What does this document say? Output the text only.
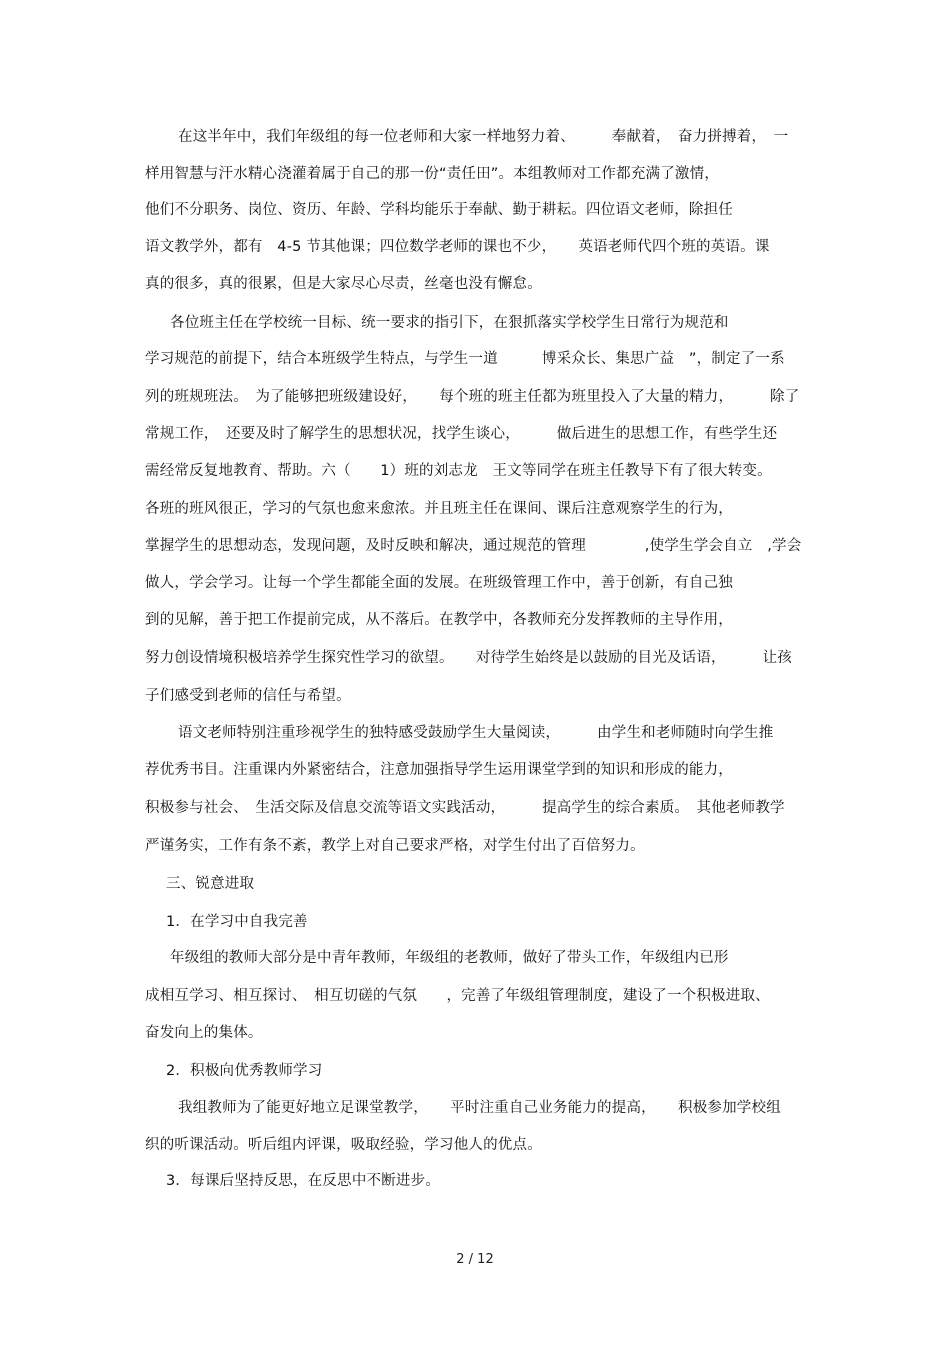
在这半年中，我们年级组的每一位老师和大家一样地努力着、　　　奉献着，　奋力拼搏着，　一
样用智慧与汗水精心浇灌着属于自己的那一份“责任田”。本组教师对工作都充满了激情，
他们不分职务、岗位、资历、年龄、学科均能乐于奉献、勤于耕耘。四位语文老师，除担任
语文教学外，都有　4-5 节其他课；四位数学老师的课也不少，　　英语老师代四个班的英语。课
真的很多，真的很累，但是大家尽心尽责，丝毫也没有懈怠。
各位班主任在学校统一目标、统一要求的指引下，在狠抓落实学校学生日常行为规范和
学习规范的前提下，结合本班级学生特点，与学生一道　　　博采众长、集思广益　”，制定了一系
列的班规班法。　为了能够把班级建设好，　　每个班的班主任都为班里投入了大量的精力，　　　除了
常规工作，　还要及时了解学生的思想状况，找学生谈心，　　　做后进生的思想工作，有些学生还
需经常反复地教育、帮助。六（　　1）班的刘志龙　王文等同学在班主任教导下有了很大转变。
各班的班风很正，学习的气氛也愈来愈浓。并且班主任在课间、课后注意观察学生的行为，
掌握学生的思想动态，发现问题，及时反映和解决，通过规范的管理　　　　,使学生学会自立　,学会
做人，学会学习。让每一个学生都能全面的发展。在班级管理工作中，善于创新，有自己独
到的见解，善于把工作提前完成，从不落后。在教学中，各教师充分发挥教师的主导作用，
努力创设情境积极培养学生探究性学习的欲望。　　对待学生始终是以鼓励的目光及话语，　　　让孩
子们感受到老师的信任与希望。
语文老师特别注重珍视学生的独特感受鼓励学生大量阅读，　　　由学生和老师随时向学生推
荐优秀书目。注重课内外紧密结合，注意加强指导学生运用课堂学到的知识和形成的能力，
积极参与社会、　生活交际及信息交流等语文实践活动，　　　提高学生的综合素质。　其他老师教学
严谨务实，工作有条不紊，教学上对自己要求严格，对学生付出了百倍努力。
三、锐意进取
1．在学习中自我完善
年级组的教师大部分是中青年教师，年级组的老教师，做好了带头工作，年级组内已形
成相互学习、相互探讨、　相互切磋的气氛　　，完善了年级组管理制度，建设了一个积极进取、
奋发向上的集体。
2．积极向优秀教师学习
我组教师为了能更好地立足课堂教学，　　平时注重自己业务能力的提高，　　积极参加学校组
织的听课活动。听后组内评课，吸取经验，学习他人的优点。
3．每课后坚持反思，在反思中不断进步。
2 / 12
